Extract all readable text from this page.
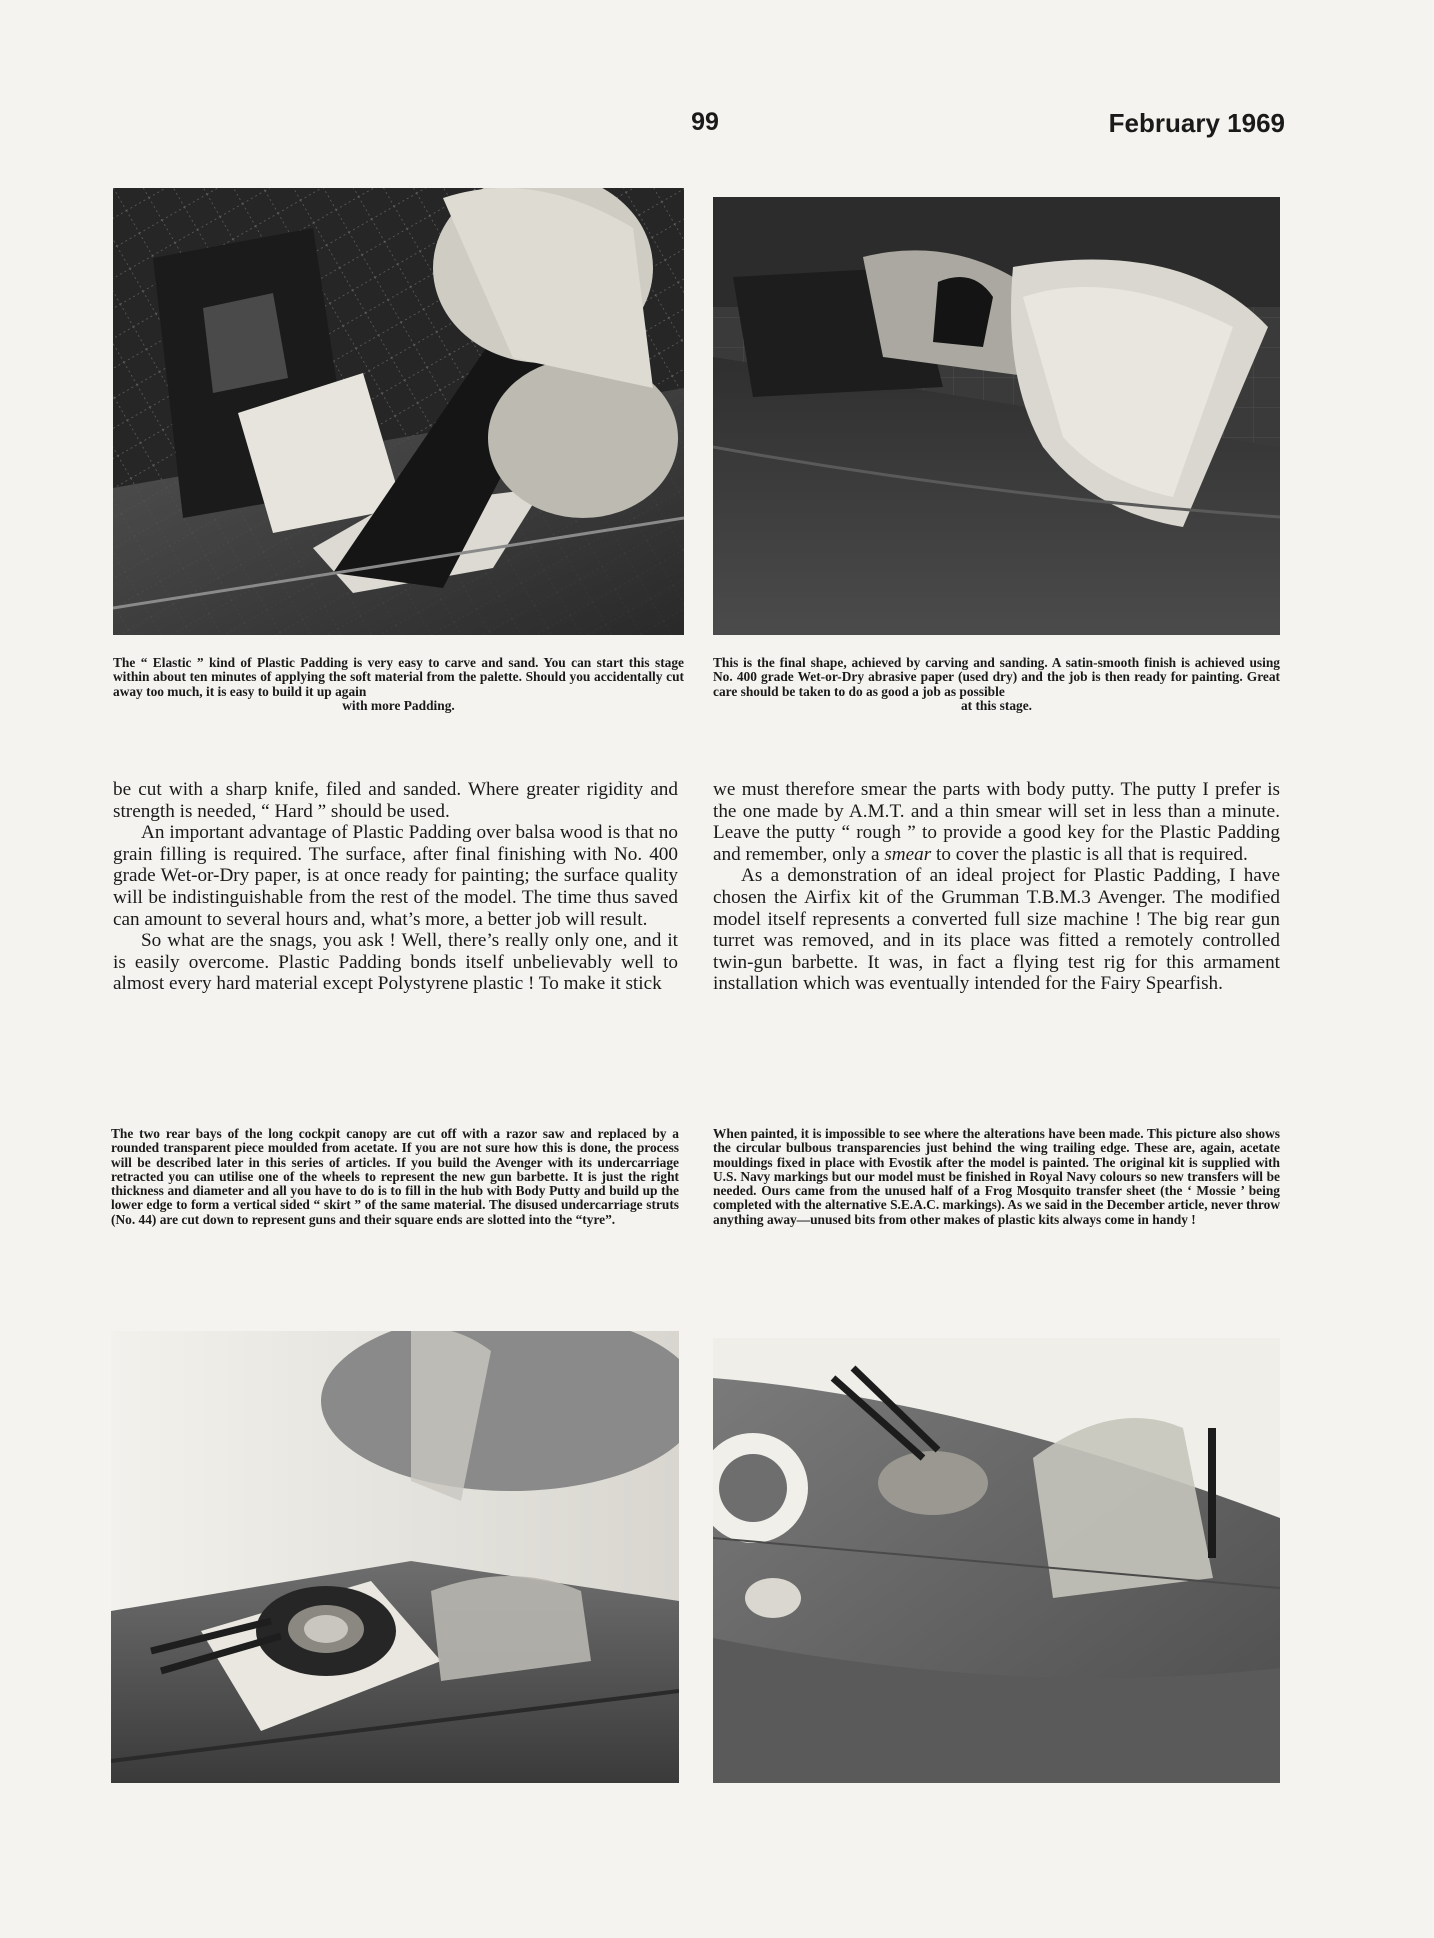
99	February 1969
The “ Elastic ” kind of Plastic Padding is very easy to carve and sand. You can start this stage within about ten minutes of applying the soft material from the palette. Should you accidentally cut away too much, it is easy to build it up again
with more Padding.
This is the final shape, achieved by carving and sanding. A satin-smooth finish is achieved using No. 400 grade Wet-or-Dry abrasive paper (used dry) and the job is then ready for painting. Great care should be taken to do as good a job as possible
at this stage.

be cut with a sharp knife, filed and sanded. Where greater rigidity and strength is needed, “ Hard ” should be used.

An important advantage of Plastic Padding over balsa wood is that no grain filling is required. The surface, after final finishing with No. 400 grade Wet-or-Dry paper, is at once ready for painting; the surface quality will be indistinguishable from the rest of the model. The time thus saved can amount to several hours and, what’s more, a better job will result.

So what are the snags, you ask ! Well, there’s really only one, and it is easily overcome. Plastic Padding bonds itself unbelievably well to almost every hard material except Polystyrene plastic ! To make it stick

we must therefore smear the parts with body putty. The putty I prefer is the one made by A.M.T. and a thin smear will set in less than a minute. Leave the putty “ rough ” to provide a good key for the Plastic Padding and remember, only a smear to cover the plastic is all that is required.

As a demonstration of an ideal project for Plastic Padding, I have chosen the Airfix kit of the Grumman T.B.M.3 Avenger. The modified model itself represents a converted full size machine ! The big rear gun turret was removed, and in its place was fitted a remotely controlled twin-gun barbette. It was, in fact a flying test rig for this armament installation which was eventually intended for the Fairy Spearfish.

The two rear bays of the long cockpit canopy are cut off with a razor saw and replaced by a rounded transparent piece moulded from acetate. If you are not sure how this is done, the process will be described later in this series of articles. If you build the Avenger with its undercarriage retracted you can utilise one of the wheels to represent the new gun barbette. It is just the right thickness and diameter and all you have to do is to fill in the hub with Body Putty and build up the lower edge to form a vertical sided “ skirt ” of the same material. The disused undercarriage struts (No. 44) are cut down to represent guns and their square ends are slotted into the “tyre”.
When painted, it is impossible to see where the alterations have been made. This picture also shows the circular bulbous transparencies just behind the wing trailing edge. These are, again, acetate mouldings fixed in place with Evostik after the model is painted. The original kit is supplied with U.S. Navy markings but our model must be finished in Royal Navy colours so new transfers will be needed. Ours came from the unused half of a Frog Mosquito transfer sheet (the ‘ Mossie ’ being completed with the alternative S.E.A.C. markings). As we said in the December article, never throw anything away—unused bits from other makes of plastic kits always come in handy !
